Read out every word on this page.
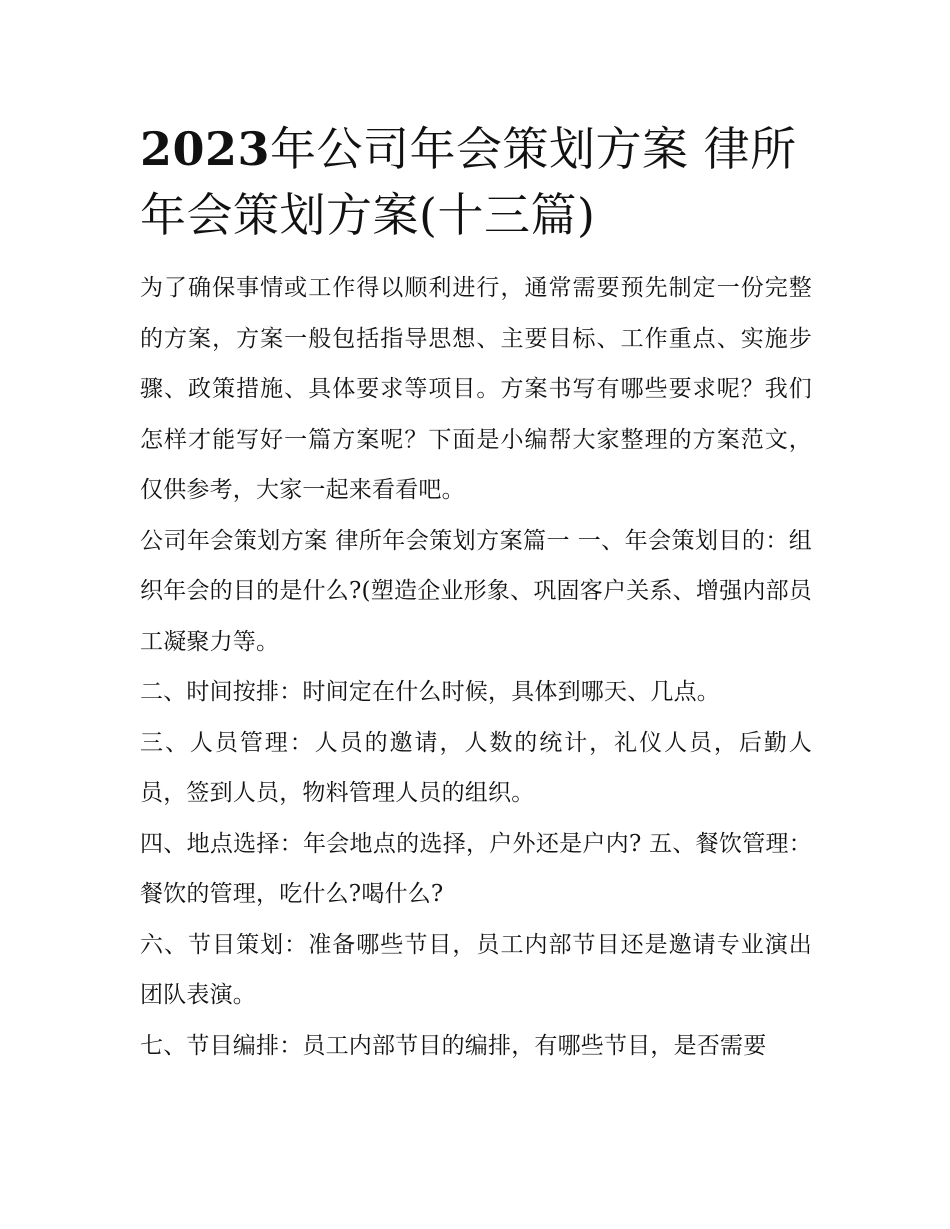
2023年公司年会策划方案 律所年会策划方案(十三篇)

为了确保事情或工作得以顺利进行，通常需要预先制定一份完整的方案，方案一般包括指导思想、主要目标、工作重点、实施步骤、政策措施、具体要求等项目。方案书写有哪些要求呢？我们怎样才能写好一篇方案呢？下面是小编帮大家整理的方案范文，仅供参考，大家一起来看看吧。

公司年会策划方案 律所年会策划方案篇一 一、年会策划目的：组织年会的目的是什么?(塑造企业形象、巩固客户关系、增强内部员工凝聚力等。

二、时间按排：时间定在什么时候，具体到哪天、几点。

三、人员管理：人员的邀请，人数的统计，礼仪人员，后勤人员，签到人员，物料管理人员的组织。

四、地点选择：年会地点的选择，户外还是户内? 五、餐饮管理：餐饮的管理，吃什么?喝什么?

六、节目策划：准备哪些节目，员工内部节目还是邀请专业演出团队表演。

七、节目编排：员工内部节目的编排，有哪些节目，是否需要
